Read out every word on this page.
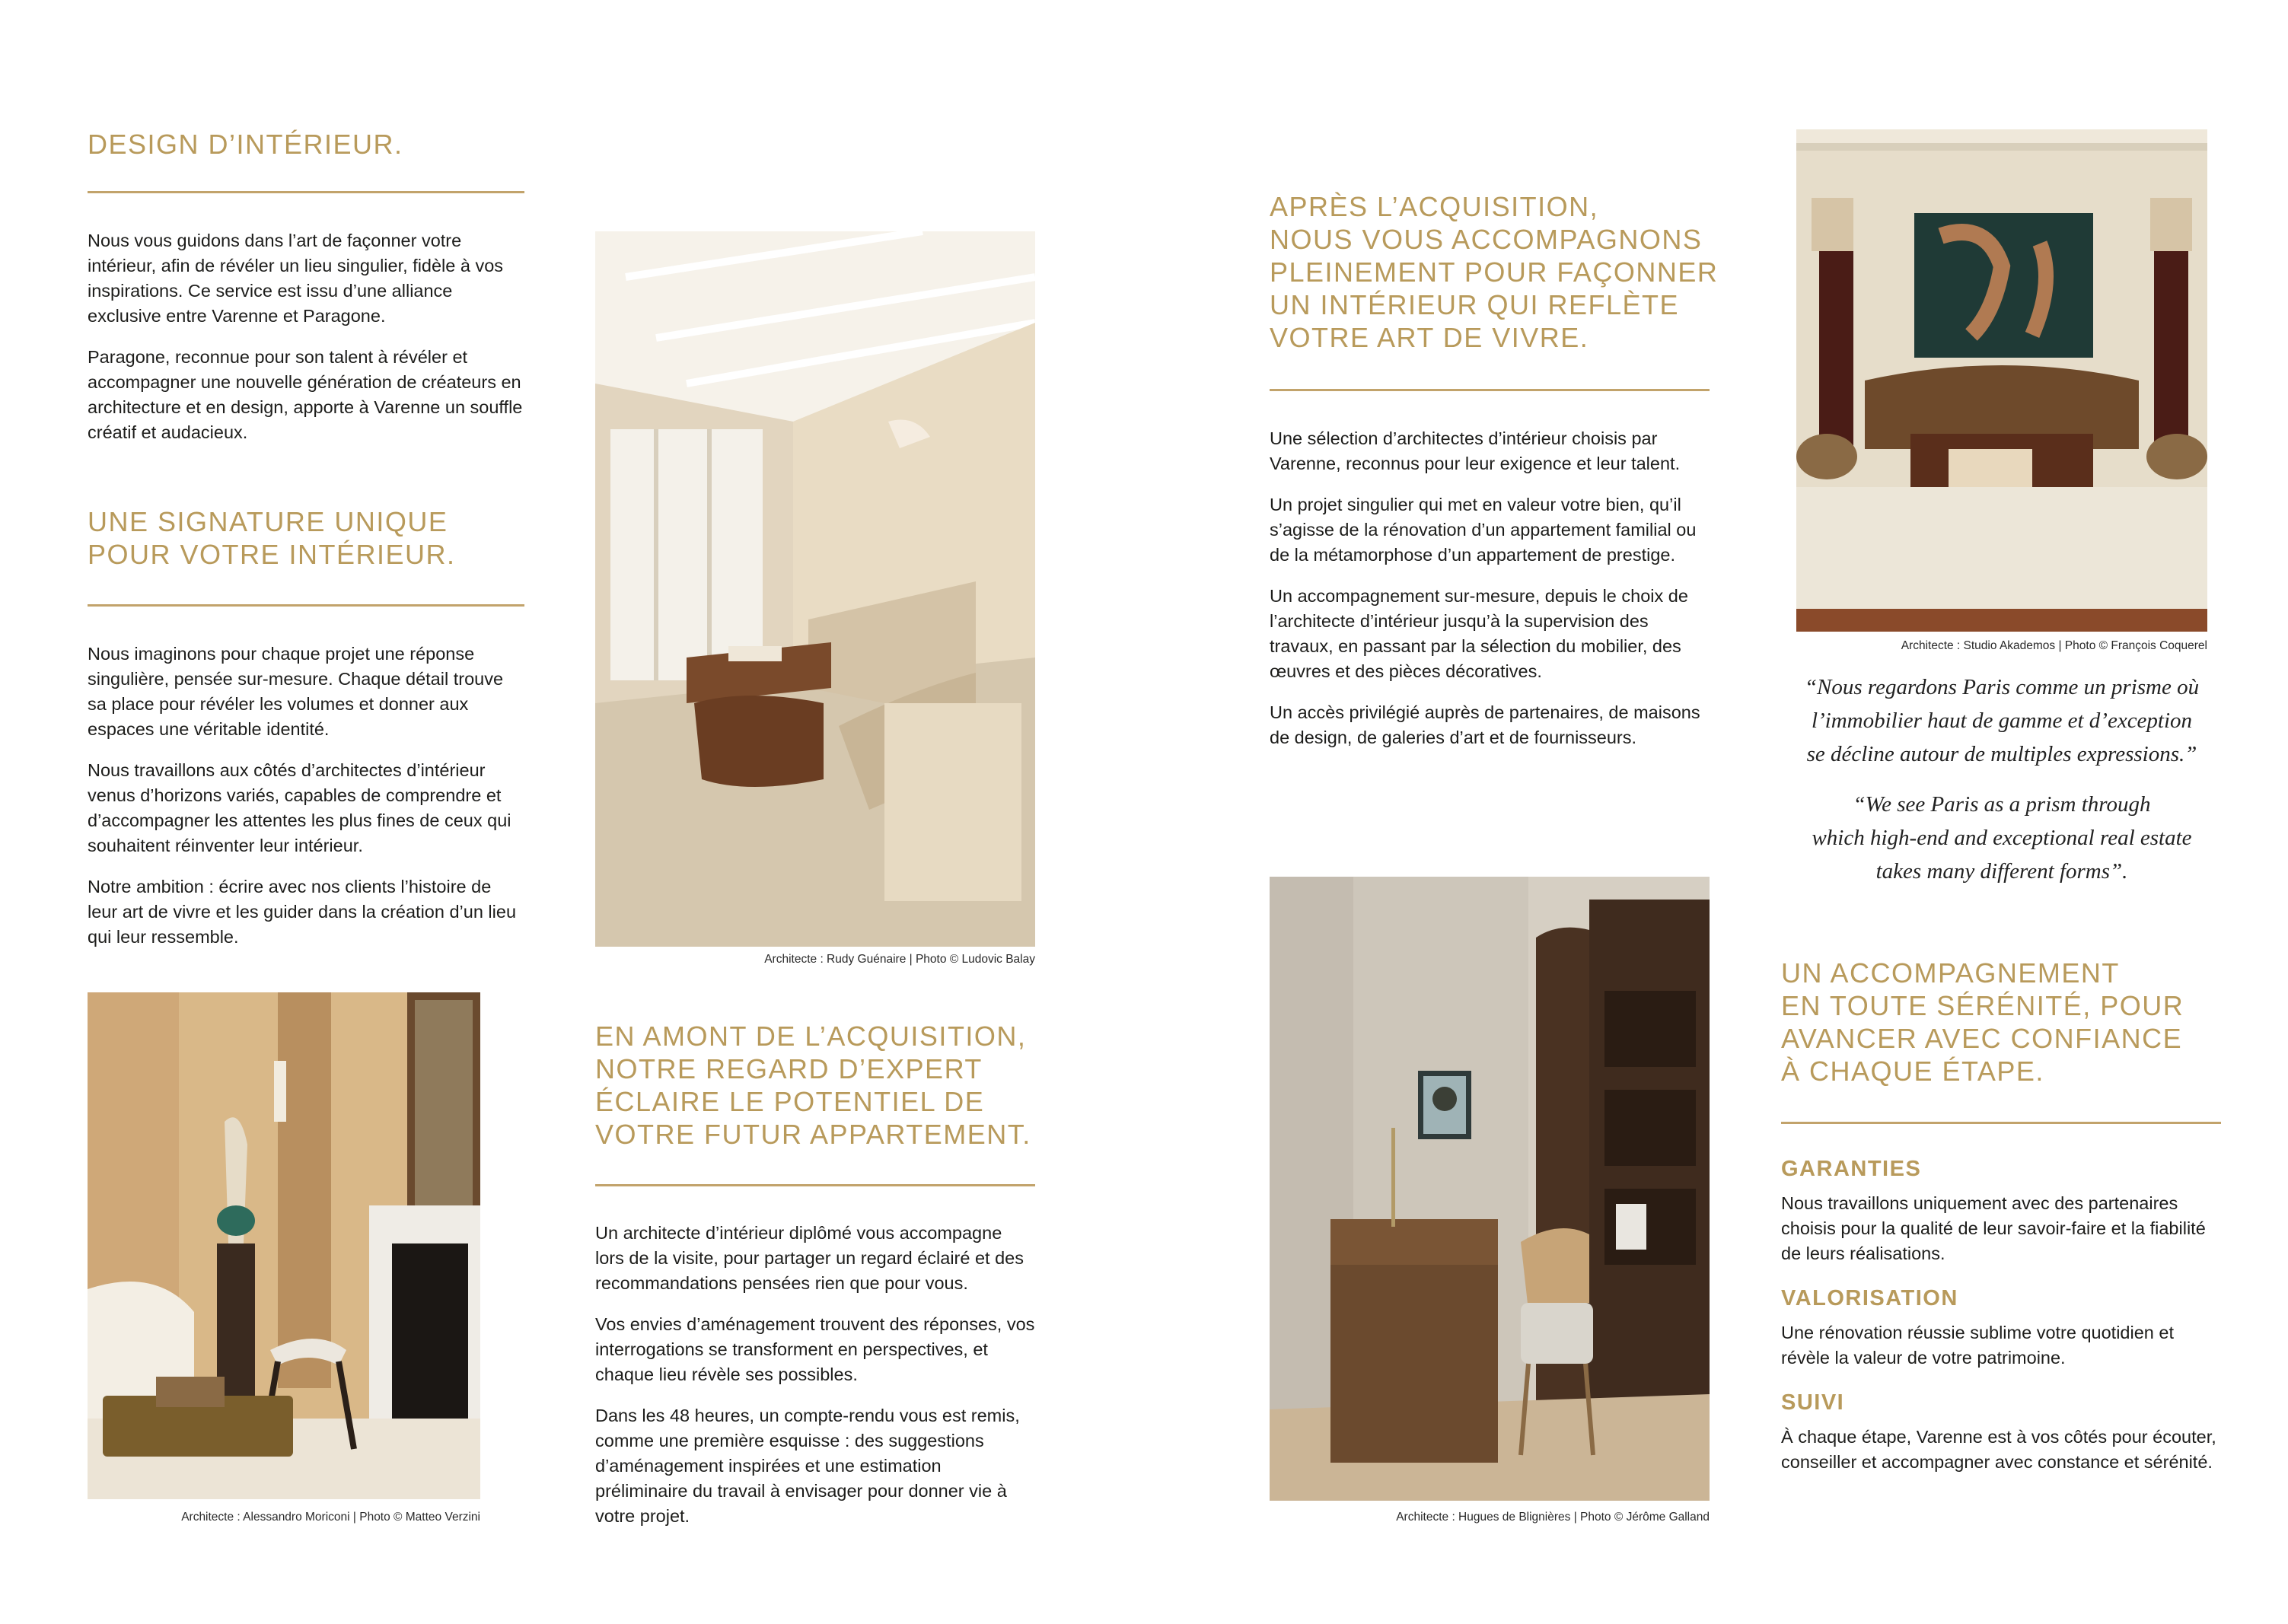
DESIGN D’INTÉRIEUR.

Nous vous guidons dans l’art de façonner votre intérieur, afin de révéler un lieu singulier, fidèle à vos inspirations. Ce service est issu d’une alliance exclusive entre Varenne et Paragone.

Paragone, reconnue pour son talent à révéler et accompagner une nouvelle génération de créateurs en architecture et en design, apporte à Varenne un souffle créatif et audacieux.

UNE SIGNATURE UNIQUE
POUR VOTRE INTÉRIEUR.

Nous imaginons pour chaque projet une réponse singulière, pensée sur-mesure. Chaque détail trouve sa place pour révéler les volumes et donner aux espaces une véritable identité.

Nous travaillons aux côtés d’architectes d’intérieur venus d’horizons variés, capables de comprendre et d’accompagner les attentes les plus fines de ceux qui souhaitent réinventer leur intérieur.

Notre ambition : écrire avec nos clients l’histoire de leur art de vivre et les guider dans la création d’un lieu qui leur ressemble.

Architecte : Alessandro Moriconi | Photo © Matteo Verzini
Architecte : Rudy Guénaire | Photo © Ludovic Balay
EN AMONT DE L’ACQUISITION,
NOTRE REGARD D’EXPERT
ÉCLAIRE LE POTENTIEL DE
VOTRE FUTUR APPARTEMENT.

Un architecte d’intérieur diplômé vous accompagne lors de la visite, pour partager un regard éclairé et des recommandations pensées rien que pour vous.

Vos envies d’aménagement trouvent des réponses, vos interrogations se transforment en perspectives, et chaque lieu révèle ses possibles.

Dans les 48 heures, un compte-rendu vous est remis, comme une première esquisse : des suggestions d’aménagement inspirées et une estimation préliminaire du travail à envisager pour donner vie à votre projet.

APRÈS L’ACQUISITION,
NOUS VOUS ACCOMPAGNONS
PLEINEMENT POUR FAÇONNER
UN INTÉRIEUR QUI REFLÈTE
VOTRE ART DE VIVRE.

Une sélection d’architectes d’intérieur choisis par Varenne, reconnus pour leur exigence et leur talent.

Un projet singulier qui met en valeur votre bien, qu’il s’agisse de la rénovation d’un appartement familial ou de la métamorphose d’un appartement de prestige.

Un accompagnement sur-mesure, depuis le choix de l’architecte d’intérieur jusqu’à la supervision des travaux, en passant par la sélection du mobilier, des œuvres et des pièces décoratives.

Un accès privilégié auprès de partenaires, de maisons de design, de galeries d’art et de fournisseurs.

Architecte : Hugues de Blignières | Photo © Jérôme Galland
Architecte : Studio Akademos | Photo © François Coquerel
“Nous regardons Paris comme un prisme où
l’immobilier haut de gamme et d’exception
se décline autour de multiples expressions.”
“We see Paris as a prism through
which high-end and exceptional real estate
takes many different forms”.
UN ACCOMPAGNEMENT
EN TOUTE SÉRÉNITÉ, POUR
AVANCER AVEC CONFIANCE
À CHAQUE ÉTAPE.
GARANTIES

Nous travaillons uniquement avec des partenaires choisis pour la qualité de leur savoir-faire et la fiabilité de leurs réalisations.

VALORISATION

Une rénovation réussie sublime votre quotidien et révèle la valeur de votre patrimoine.

SUIVI

À chaque étape, Varenne est à vos côtés pour écouter, conseiller et accompagner avec constance et sérénité.
